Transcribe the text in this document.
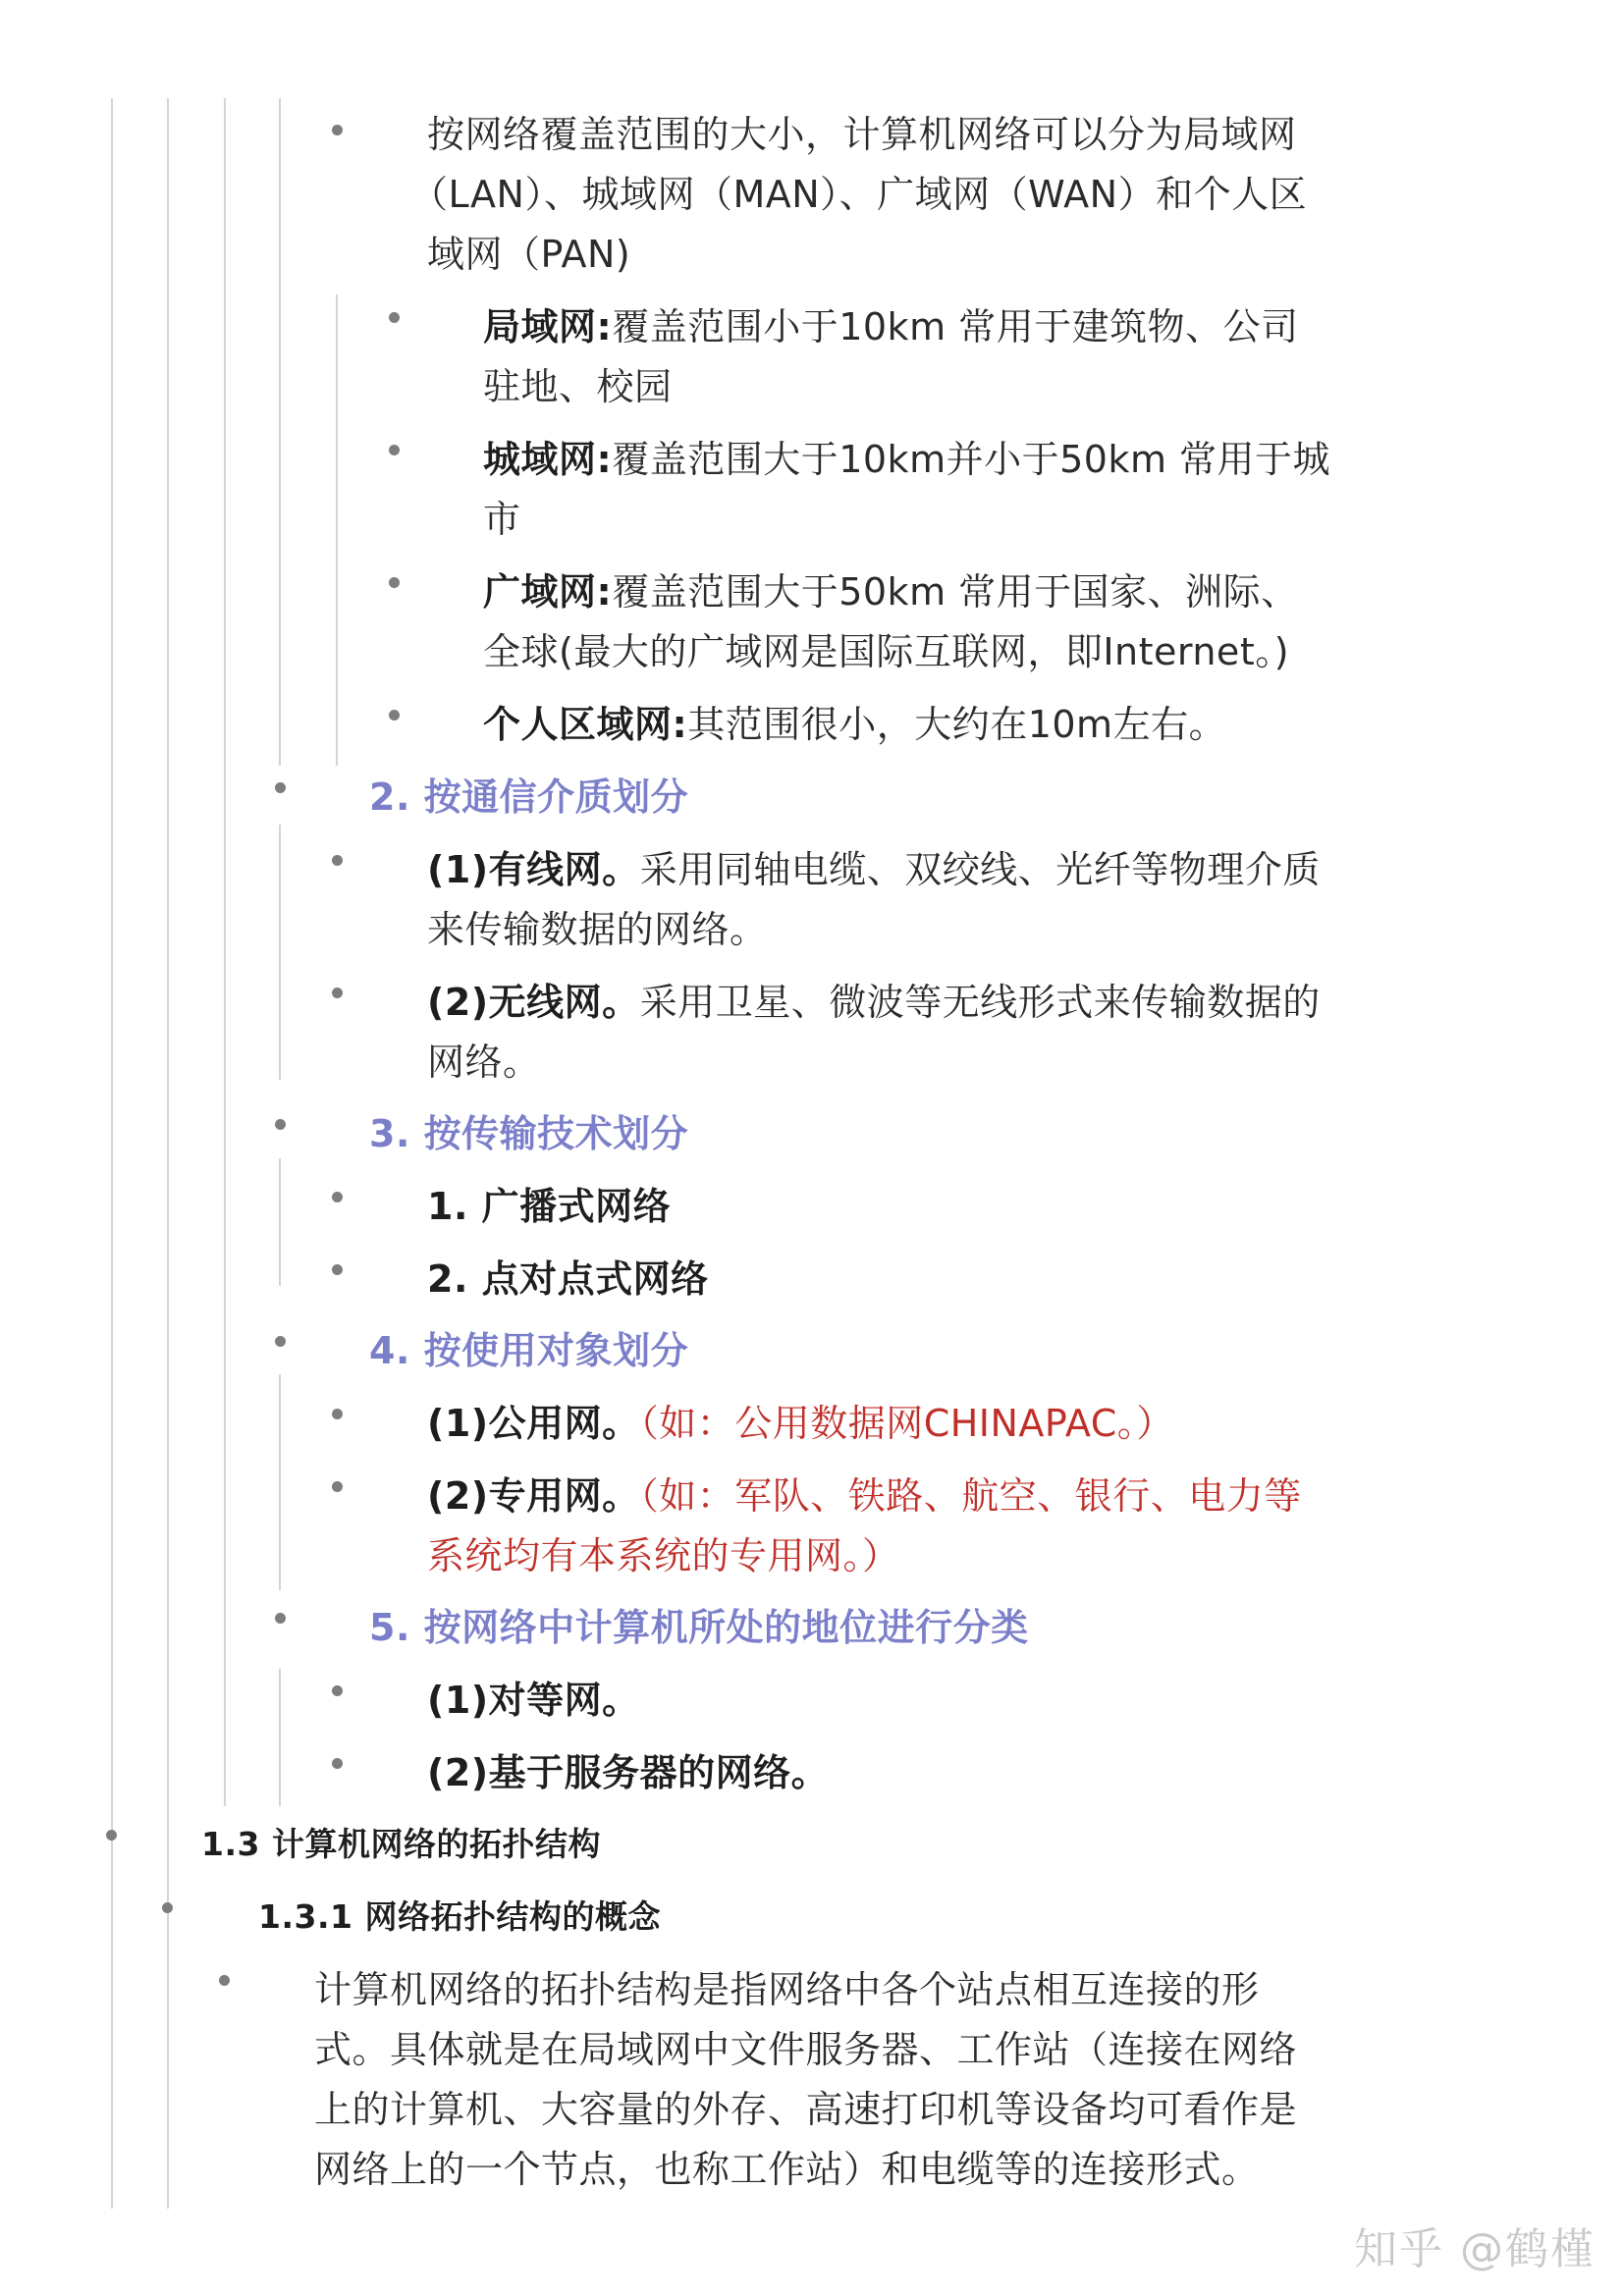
按网络覆盖范围的大小，计算机网络可以分为局域网
（LAN）、城域网（MAN）、广域网（WAN）和个人区
域网（PAN)
局域网:覆盖范围小于10km 常用于建筑物、公司
驻地、校园
城域网:覆盖范围大于10km并小于50km 常用于城
市
广域网:覆盖范围大于50km 常用于国家、洲际、
全球(最大的广域网是国际互联网，即Internet。)
个人区域网:其范围很小，大约在10m左右。
2. 按通信介质划分
(1)有线网。采用同轴电缆、双绞线、光纤等物理介质
来传输数据的网络。
(2)无线网。采用卫星、微波等无线形式来传输数据的
网络。
3. 按传输技术划分
1. 广播式网络
2. 点对点式网络
4. 按使用对象划分
(1)公用网。（如：公用数据网CHINAPAC。）
(2)专用网。（如：军队、铁路、航空、银行、电力等
系统均有本系统的专用网。）
5. 按网络中计算机所处的地位进行分类
(1)对等网。
(2)基于服务器的网络。
1.3 计算机网络的拓扑结构
1.3.1 网络拓扑结构的概念
计算机网络的拓扑结构是指网络中各个站点相互连接的形
式。具体就是在局域网中文件服务器、工作站（连接在网络
上的计算机、大容量的外存、高速打印机等设备均可看作是
网络上的一个节点，也称工作站）和电缆等的连接形式。
知乎 @鹤槿
